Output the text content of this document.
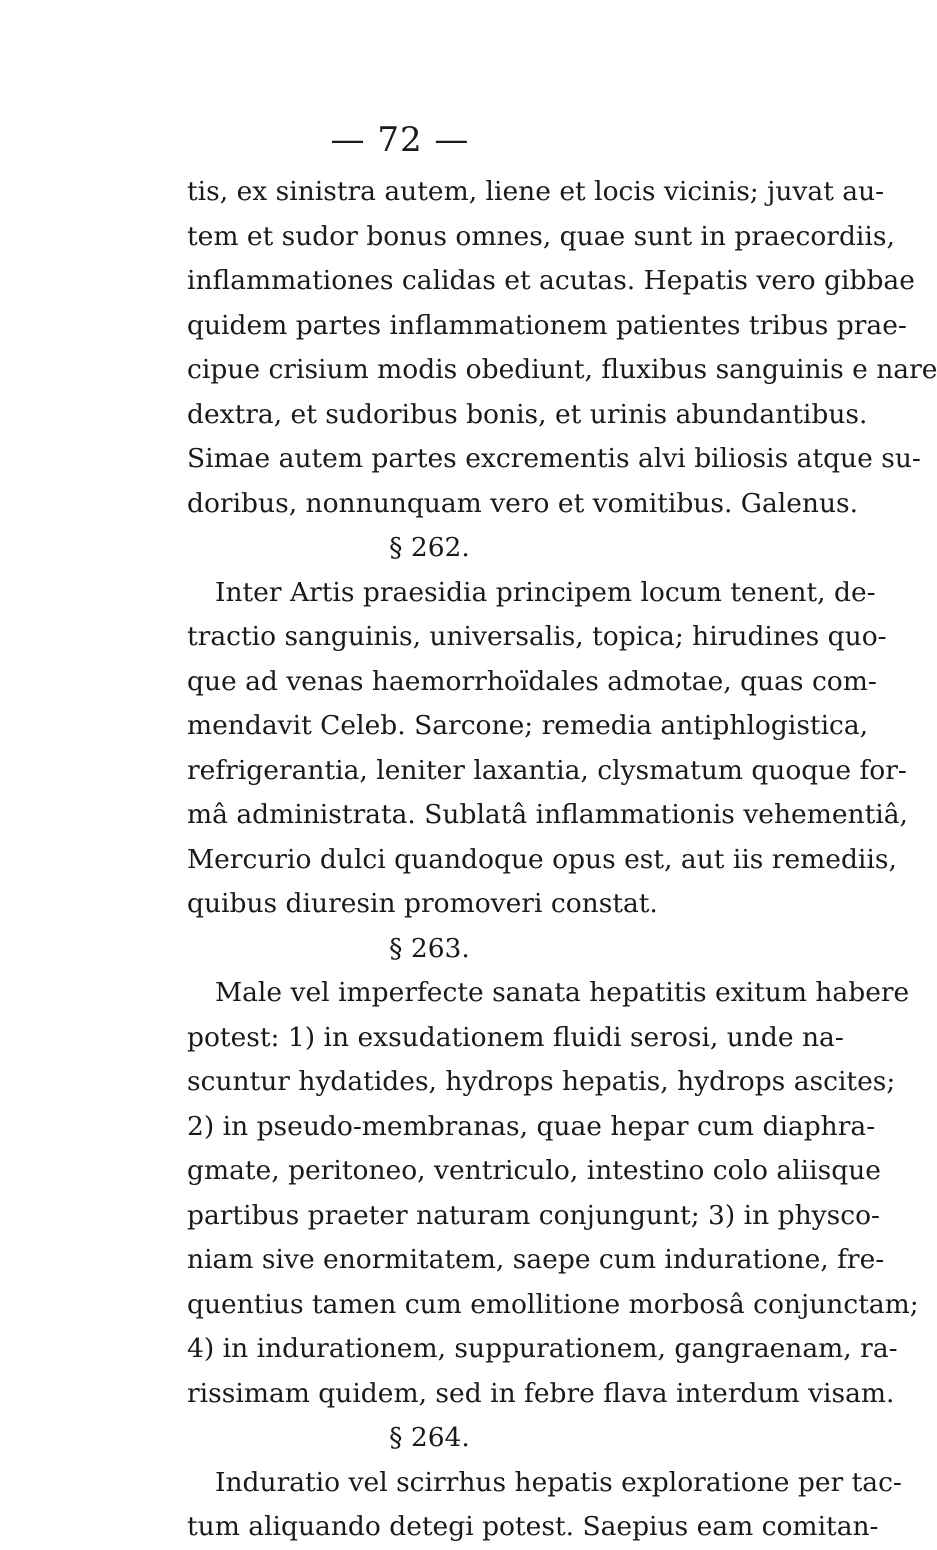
— 72 —
tis, ex sinistra autem, liene et locis vicinis; juvat au-
tem et sudor bonus omnes, quae sunt in praecordiis,
inflammationes calidas et acutas. Hepatis vero gibbae
quidem partes inflammationem patientes tribus prae-
cipue crisium modis obediunt, fluxibus sanguinis e nare
dextra, et sudoribus bonis, et urinis abundantibus.
Simae autem partes excrementis alvi biliosis atque su-
doribus, nonnunquam vero et vomitibus. Galenus.
§ 262.
Inter Artis praesidia principem locum tenent, de-
tractio sanguinis, universalis, topica; hirudines quo-
que ad venas haemorrhoïdales admotae, quas com-
mendavit Celeb. Sarcone; remedia antiphlogistica,
refrigerantia, leniter laxantia, clysmatum quoque for-
mâ administrata. Sublatâ inflammationis vehementiâ,
Mercurio dulci quandoque opus est, aut iis remediis,
quibus diuresin promoveri constat.
§ 263.
Male vel imperfecte sanata hepatitis exitum habere
potest: 1) in exsudationem fluidi serosi, unde na-
scuntur hydatides, hydrops hepatis, hydrops ascites;
2) in pseudo-membranas, quae hepar cum diaphra-
gmate, peritoneo, ventriculo, intestino colo aliisque
partibus praeter naturam conjungunt; 3) in physco-
niam sive enormitatem, saepe cum induratione, fre-
quentius tamen cum emollitione morbosâ conjunctam;
4) in indurationem, suppurationem, gangraenam, ra-
rissimam quidem, sed in febre flava interdum visam.
§ 264.
Induratio vel scirrhus hepatis exploratione per tac-
tum aliquando detegi potest. Saepius eam comitan-
